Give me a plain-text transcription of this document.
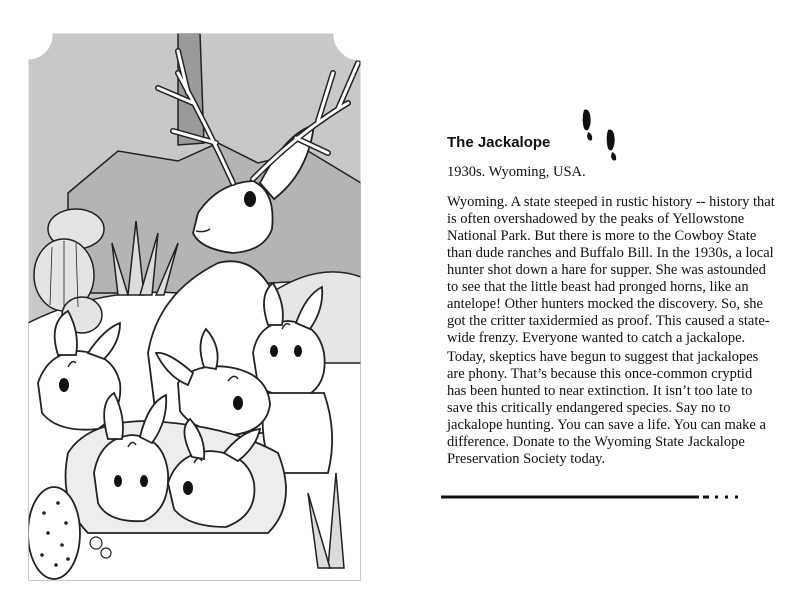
The Jackalope

1930s. Wyoming, USA.

Wyoming. A state steeped in rustic history -- history that is often overshadowed by the peaks of Yellowstone National Park. But there is more to the Cowboy State than dude ranches and Buffalo Bill. In the 1930s, a local hunter shot down a hare for supper. She was astounded to see that the little beast had pronged horns, like an antelope! Other hunters mocked the discovery. So, she got the critter taxidermied as proof. This caused a state-wide frenzy. Everyone wanted to catch a jackalope.

Today, skeptics have begun to suggest that jackalopes are phony. That’s because this once-common cryptid has been hunted to near extinction. It isn’t too late to save this critically endangered species. Say no to jackalope hunting. You can save a life. You can make a difference. Donate to the Wyoming State Jackalope Preservation Society today.
